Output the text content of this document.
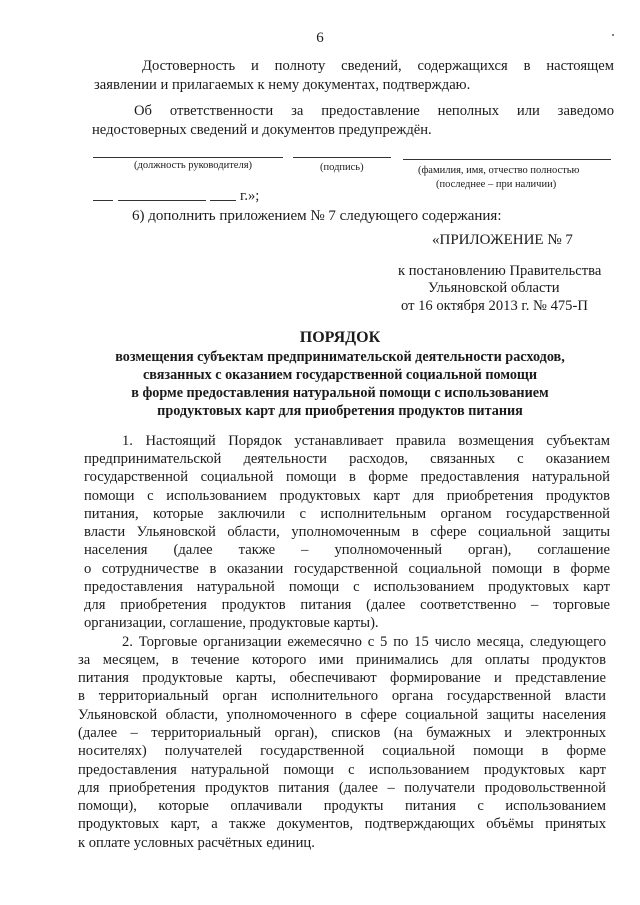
6
Достоверность и полноту сведений, содержащихся в настоящем
заявлении и прилагаемых к нему документах, подтверждаю.
Об ответственности за предоставление неполных или заведомо
недостоверных сведений и документов предупреждён.
(должность руководителя)	(подпись)	(фамилия, имя, отчество полностью
(последнее – при наличии)
г.»;
6) дополнить приложением № 7 следующего содержания:
«ПРИЛОЖЕНИЕ № 7
к постановлению Правительства
Ульяновской области
от 16 октября 2013 г. № 475-П
ПОРЯДОК
возмещения субъектам предпринимательской деятельности расходов,
связанных с оказанием государственной социальной помощи
в форме предоставления натуральной помощи с использованием
продуктовых карт для приобретения продуктов питания
1. Настоящий Порядок устанавливает правила возмещения субъектам
предпринимательской деятельности расходов, связанных с оказанием
государственной социальной помощи в форме предоставления натуральной
помощи с использованием продуктовых карт для приобретения продуктов
питания, которые заключили с исполнительным органом государственной
власти Ульяновской области, уполномоченным в сфере социальной защиты
населения (далее также – уполномоченный орган), соглашение
о сотрудничестве в оказании государственной социальной помощи в форме
предоставления натуральной помощи с использованием продуктовых карт
для приобретения продуктов питания (далее соответственно – торговые
организации, соглашение, продуктовые карты).
2. Торговые организации ежемесячно с 5 по 15 число месяца, следующего
за месяцем, в течение которого ими принимались для оплаты продуктов
питания продуктовые карты, обеспечивают формирование и представление
в территориальный орган исполнительного органа государственной власти
Ульяновской области, уполномоченного в сфере социальной защиты населения
(далее – территориальный орган), списков (на бумажных и электронных
носителях) получателей государственной социальной помощи в форме
предоставления натуральной помощи с использованием продуктовых карт
для приобретения продуктов питания (далее – получатели продовольственной
помощи), которые оплачивали продукты питания с использованием
продуктовых карт, а также документов, подтверждающих объёмы принятых
к оплате условных расчётных единиц.
